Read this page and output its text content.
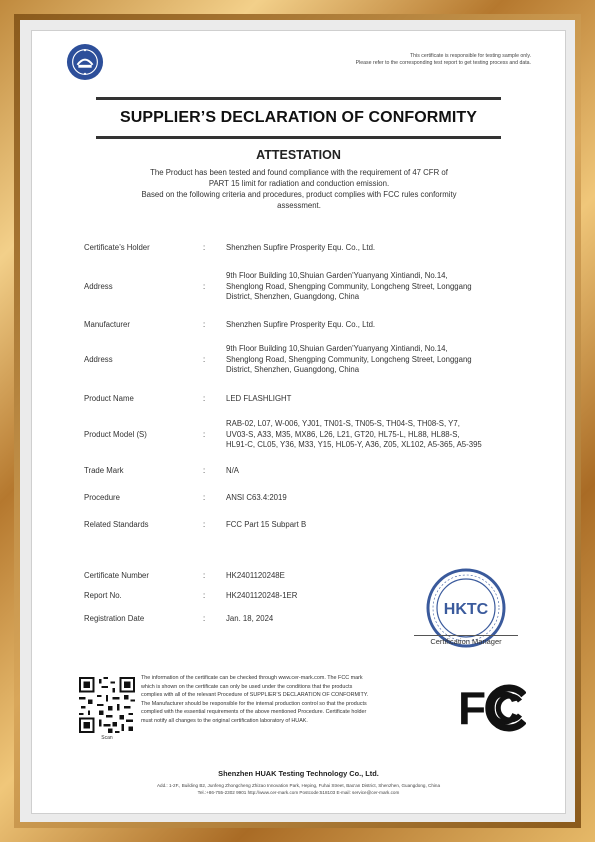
This certificate is responsible for testing sample only.
Please refer to the corresponding test report to get testing process and data.
SUPPLIER’S DECLARATION OF CONFORMITY
ATTESTATION
The Product has been tested and found compliance with the requirement of 47 CFR of
PART 15 limit for radiation and conduction emission.
Based on the following criteria and procedures, product complies with FCC rules conformity
assessment.
Certificate’s Holder	:	Shenzhen Supfire Prosperity Equ. Co., Ltd.
Address	:
9th Floor Building 10,Shuian Garden'Yuanyang Xintiandi, No.14,
Shenglong Road, Shengping Community, Longcheng Street, Longgang
District, Shenzhen, Guangdong, China
Manufacturer	:	Shenzhen Supfire Prosperity Equ. Co., Ltd.
Address	:
9th Floor Building 10,Shuian Garden'Yuanyang Xintiandi, No.14,
Shenglong Road, Shengping Community, Longcheng Street, Longgang
District, Shenzhen, Guangdong, China
Product Name	:	LED FLASHLIGHT
Product Model (S)	:
RAB-02, L07, W-006, YJ01, TN01-S, TN05-S, TH04-S, TH08-S, Y7,
UV03-S, A33, M35, MX86, L26, L21, GT20, HL75-L, HL88, HL88-S,
HL91-C, CL05, Y36, M33, Y15, HL05-Y, A36, Z05, XL102, A5-365, A5-395
Trade Mark	:	N/A
Procedure	:	ANSI C63.4:2019
Related Standards	:	FCC Part 15 Subpart B
Certificate Number	:	HK2401120248E
Report No.	:	HK2401120248-1ER
Registration Date	:	Jan. 18, 2024
HKTC
Certification Manager
Scan
The information of the certificate can be checked through www.cer-mark.com. The FCC mark
which is shown on the certificate can only be used under the conditions that the products
complies with all of the relevant Procedure of SUPPLIER’S DECLARATION OF CONFORMITY.
The Manufacturer should be responsible for the internal production control so that the products
complied with the essential requirements of the above mentioned Procedure. Certificate holder
must notify all changes to the original certification laboratory of HUAK.	FC
Shenzhen HUAK Testing Technology Co., Ltd.
Add.: 1-2F., Building B2, Junfeng Zhongcheng Zhizao Innovation Park, Heping, Fuhai Street, Bao'an District, Shenzhen, Guangdong, China
Tel.:+86-755-2302 9901 http://www.cer-mark.com Postcode:518103 E-mail: service@cer-mark.com
